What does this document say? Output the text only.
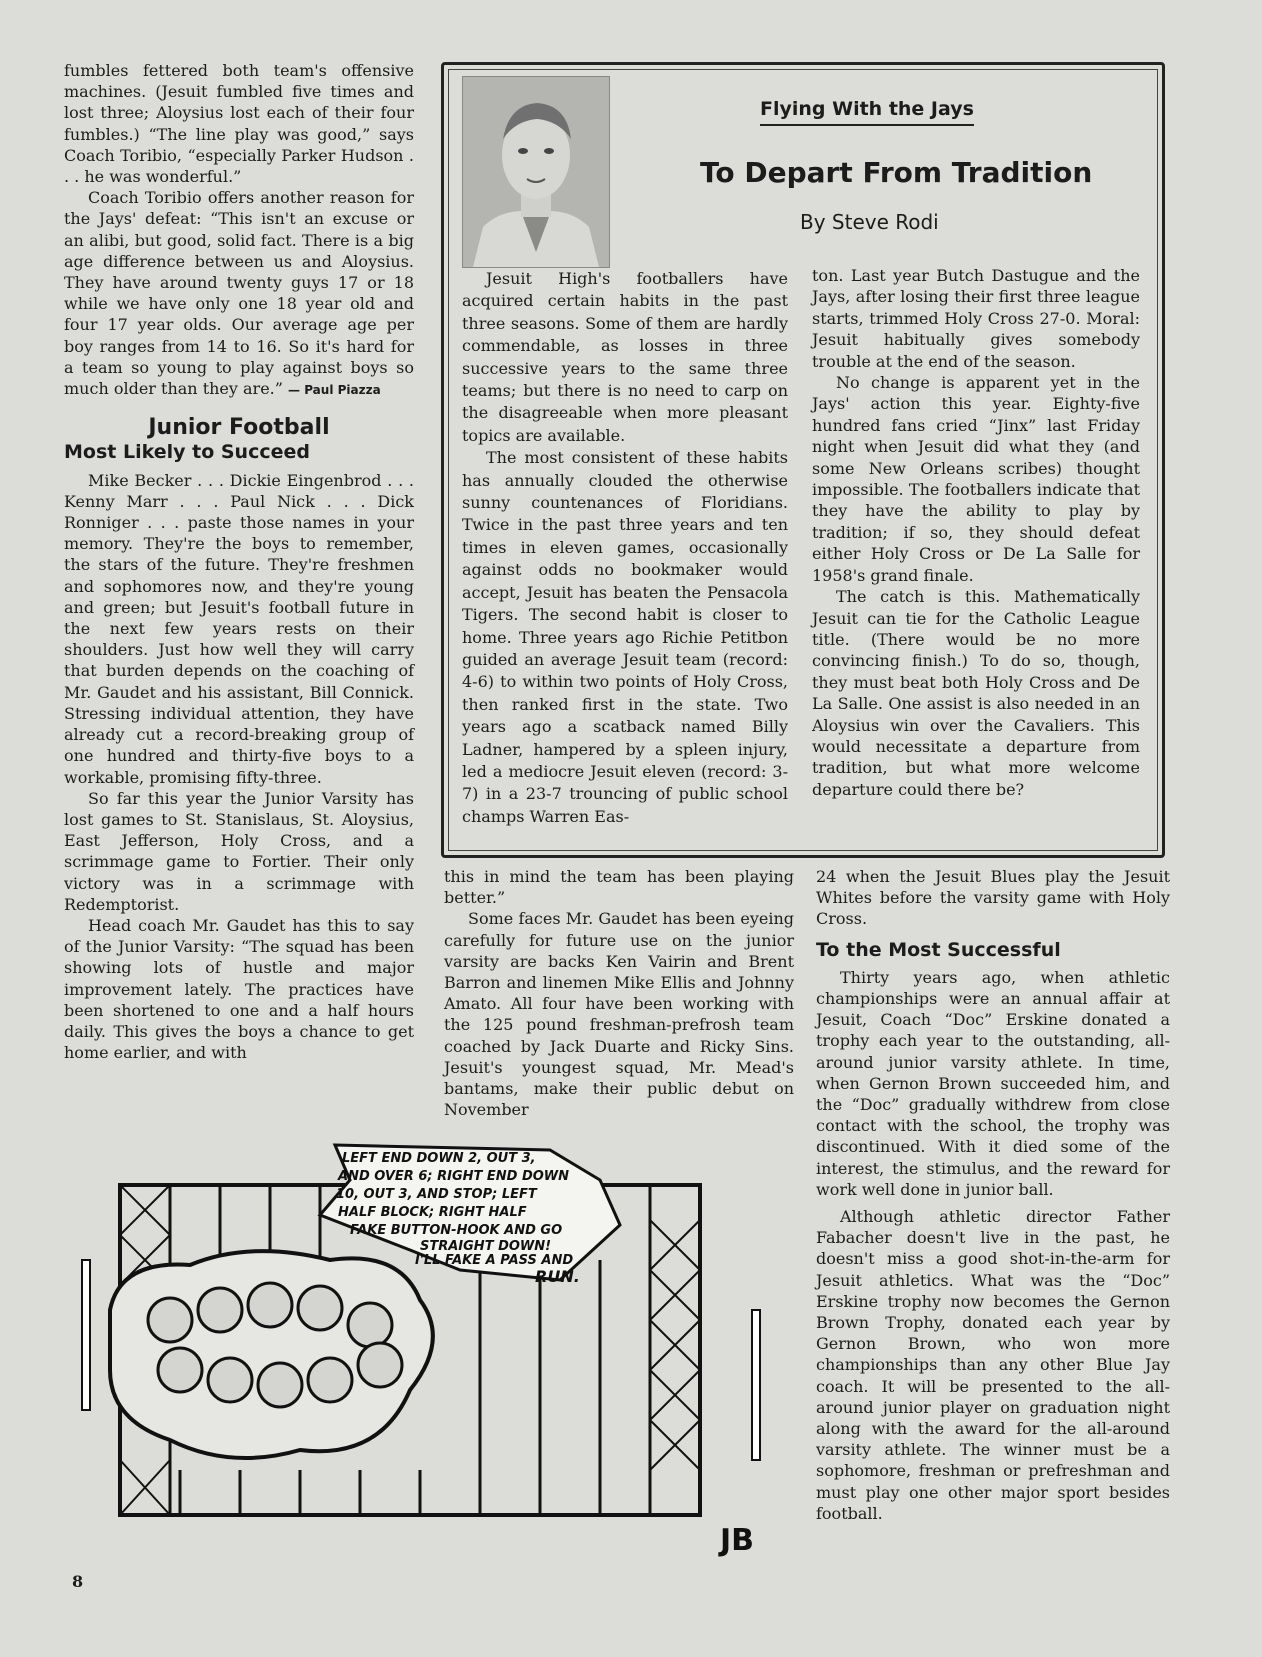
fumbles fettered both team's offensive machines. (Jesuit fumbled five times and lost three; Aloysius lost each of their four fumbles.) “The line play was good,” says Coach Toribio, “especially Parker Hudson . . . he was wonderful.”

Coach Toribio offers another reason for the Jays' defeat: “This isn't an excuse or an alibi, but good, solid fact. There is a big age difference between us and Aloysius. They have around twenty guys 17 or 18 while we have only one 18 year old and four 17 year olds. Our average age per boy ranges from 14 to 16. So it's hard for a team so young to play against boys so much older than they are.” — Paul Piazza

Junior Football
Most Likely to Succeed

Mike Becker . . . Dickie Eingenbrod . . . Kenny Marr . . . Paul Nick . . . Dick Ronniger . . . paste those names in your memory. They're the boys to remember, the stars of the future. They're freshmen and sophomores now, and they're young and green; but Jesuit's football future in the next few years rests on their shoulders. Just how well they will carry that burden depends on the coaching of Mr. Gaudet and his assistant, Bill Connick. Stressing individual attention, they have already cut a record-breaking group of one hundred and thirty-five boys to a workable, promising fifty-three.

So far this year the Junior Varsity has lost games to St. Stanislaus, St. Aloysius, East Jefferson, Holy Cross, and a scrimmage game to Fortier. Their only victory was in a scrimmage with Redemptorist.

Head coach Mr. Gaudet has this to say of the Junior Varsity: “The squad has been showing lots of hustle and major improvement lately. The practices have been shortened to one and a half hours daily. This gives the boys a chance to get home earlier, and with

Flying With the Jays
To Depart From Tradition
By Steve Rodi

Jesuit High's footballers have acquired certain habits in the past three seasons. Some of them are hardly commendable, as losses in three successive years to the same three teams; but there is no need to carp on the disagreeable when more pleasant topics are available.

The most consistent of these habits has annually clouded the otherwise sunny countenances of Floridians. Twice in the past three years and ten times in eleven games, occasionally against odds no bookmaker would accept, Jesuit has beaten the Pensacola Tigers. The second habit is closer to home. Three years ago Richie Petitbon guided an average Jesuit team (record: 4-6) to within two points of Holy Cross, then ranked first in the state. Two years ago a scatback named Billy Ladner, hampered by a spleen injury, led a mediocre Jesuit eleven (record: 3-7) in a 23-7 trouncing of public school champs Warren Eas-

ton. Last year Butch Dastugue and the Jays, after losing their first three league starts, trimmed Holy Cross 27-0. Moral: Jesuit habitually gives somebody trouble at the end of the season.

No change is apparent yet in the Jays' action this year. Eighty-five hundred fans cried “Jinx” last Friday night when Jesuit did what they (and some New Orleans scribes) thought impossible. The footballers indicate that they have the ability to play by tradition; if so, they should defeat either Holy Cross or De La Salle for 1958's grand finale.

The catch is this. Mathematically Jesuit can tie for the Catholic League title. (There would be no more convincing finish.) To do so, though, they must beat both Holy Cross and De La Salle. One assist is also needed in an Aloysius win over the Cavaliers. This would necessitate a departure from tradition, but what more welcome departure could there be?

this in mind the team has been playing better.”

Some faces Mr. Gaudet has been eyeing carefully for future use on the junior varsity are backs Ken Vairin and Brent Barron and linemen Mike Ellis and Johnny Amato. All four have been working with the 125 pound freshman-prefrosh team coached by Jack Duarte and Ricky Sins. Jesuit's youngest squad, Mr. Mead's bantams, make their public debut on November

24 when the Jesuit Blues play the Jesuit Whites before the varsity game with Holy Cross.

To the Most Successful

Thirty years ago, when athletic championships were an annual affair at Jesuit, Coach “Doc” Erskine donated a trophy each year to the outstanding, all-around junior varsity athlete. In time, when Gernon Brown succeeded him, and the “Doc” gradually withdrew from close contact with the school, the trophy was discontinued. With it died some of the interest, the stimulus, and the reward for work well done in junior ball.

Although athletic director Father Fabacher doesn't live in the past, he doesn't miss a good shot-in-the-arm for Jesuit athletics. What was the “Doc” Erskine trophy now becomes the Gernon Brown Trophy, donated each year by Gernon Brown, who won more championships than any other Blue Jay coach. It will be presented to the all-around junior player on graduation night along with the award for the all-around varsity athlete. The winner must be a sophomore, freshman or prefreshman and must play one other major sport besides football.

LEFT END DOWN 2, OUT 3,
AND OVER 6; RIGHT END DOWN
10, OUT 3, AND STOP; LEFT
HALF BLOCK; RIGHT HALF
FAKE BUTTON-HOOK AND GO
STRAIGHT DOWN!
I'LL FAKE A PASS AND
RUN.
JB
8
